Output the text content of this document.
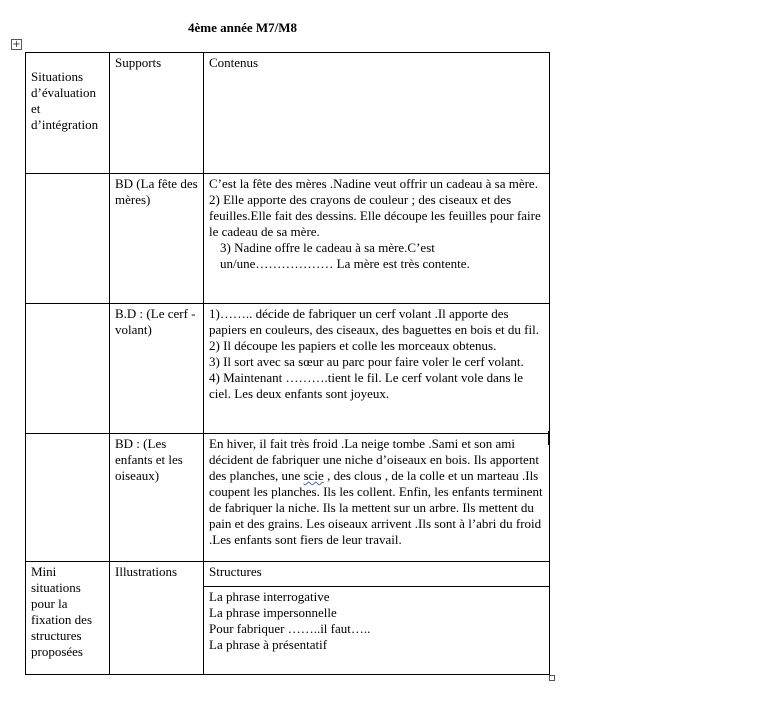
4ème année M7/M8
+
Situations d’évaluation et d’intégration	Supports	Contenus

	BD (La fête des mères)	C’est la fête des mères .Nadine veut offrir un cadeau à sa mère.
2) Elle apporte des crayons de couleur ; des ciseaux et des feuilles.Elle fait des dessins. Elle découpe les feuilles pour faire le cadeau de sa mère.
3) Nadine offre le cadeau à sa mère.C’est un/une……………… La mère est très contente.

	B.D : (Le cerf -volant)	1)…….. décide de fabriquer un cerf volant .Il apporte des papiers en couleurs, des ciseaux, des baguettes en bois et du fil.
2) Il découpe les papiers et colle les morceaux obtenus.
3) Il sort avec sa sœur au parc pour faire voler le cerf volant.
4) Maintenant ……….tient le fil. Le cerf volant vole dans le ciel. Les deux enfants sont joyeux.

	BD : (Les enfants et les oiseaux)	En hiver, il fait très froid .La neige tombe .Sami et son ami décident de fabriquer une niche d’oiseaux en bois. Ils apportent des planches, une scie , des clous , de la colle et un marteau .Ils coupent les planches. Ils les collent. Enfin, les enfants terminent de fabriquer la niche. Ils la mettent sur un arbre. Ils mettent du pain et des grains. Les oiseaux arrivent .Ils sont à l’abri du froid .Les enfants sont fiers de leur travail.
Mini situations pour la fixation des structures proposées	Illustrations	Structures

		La phrase interrogative
La phrase impersonnelle
Pour fabriquer ……..il faut…..
La phrase à présentatif
